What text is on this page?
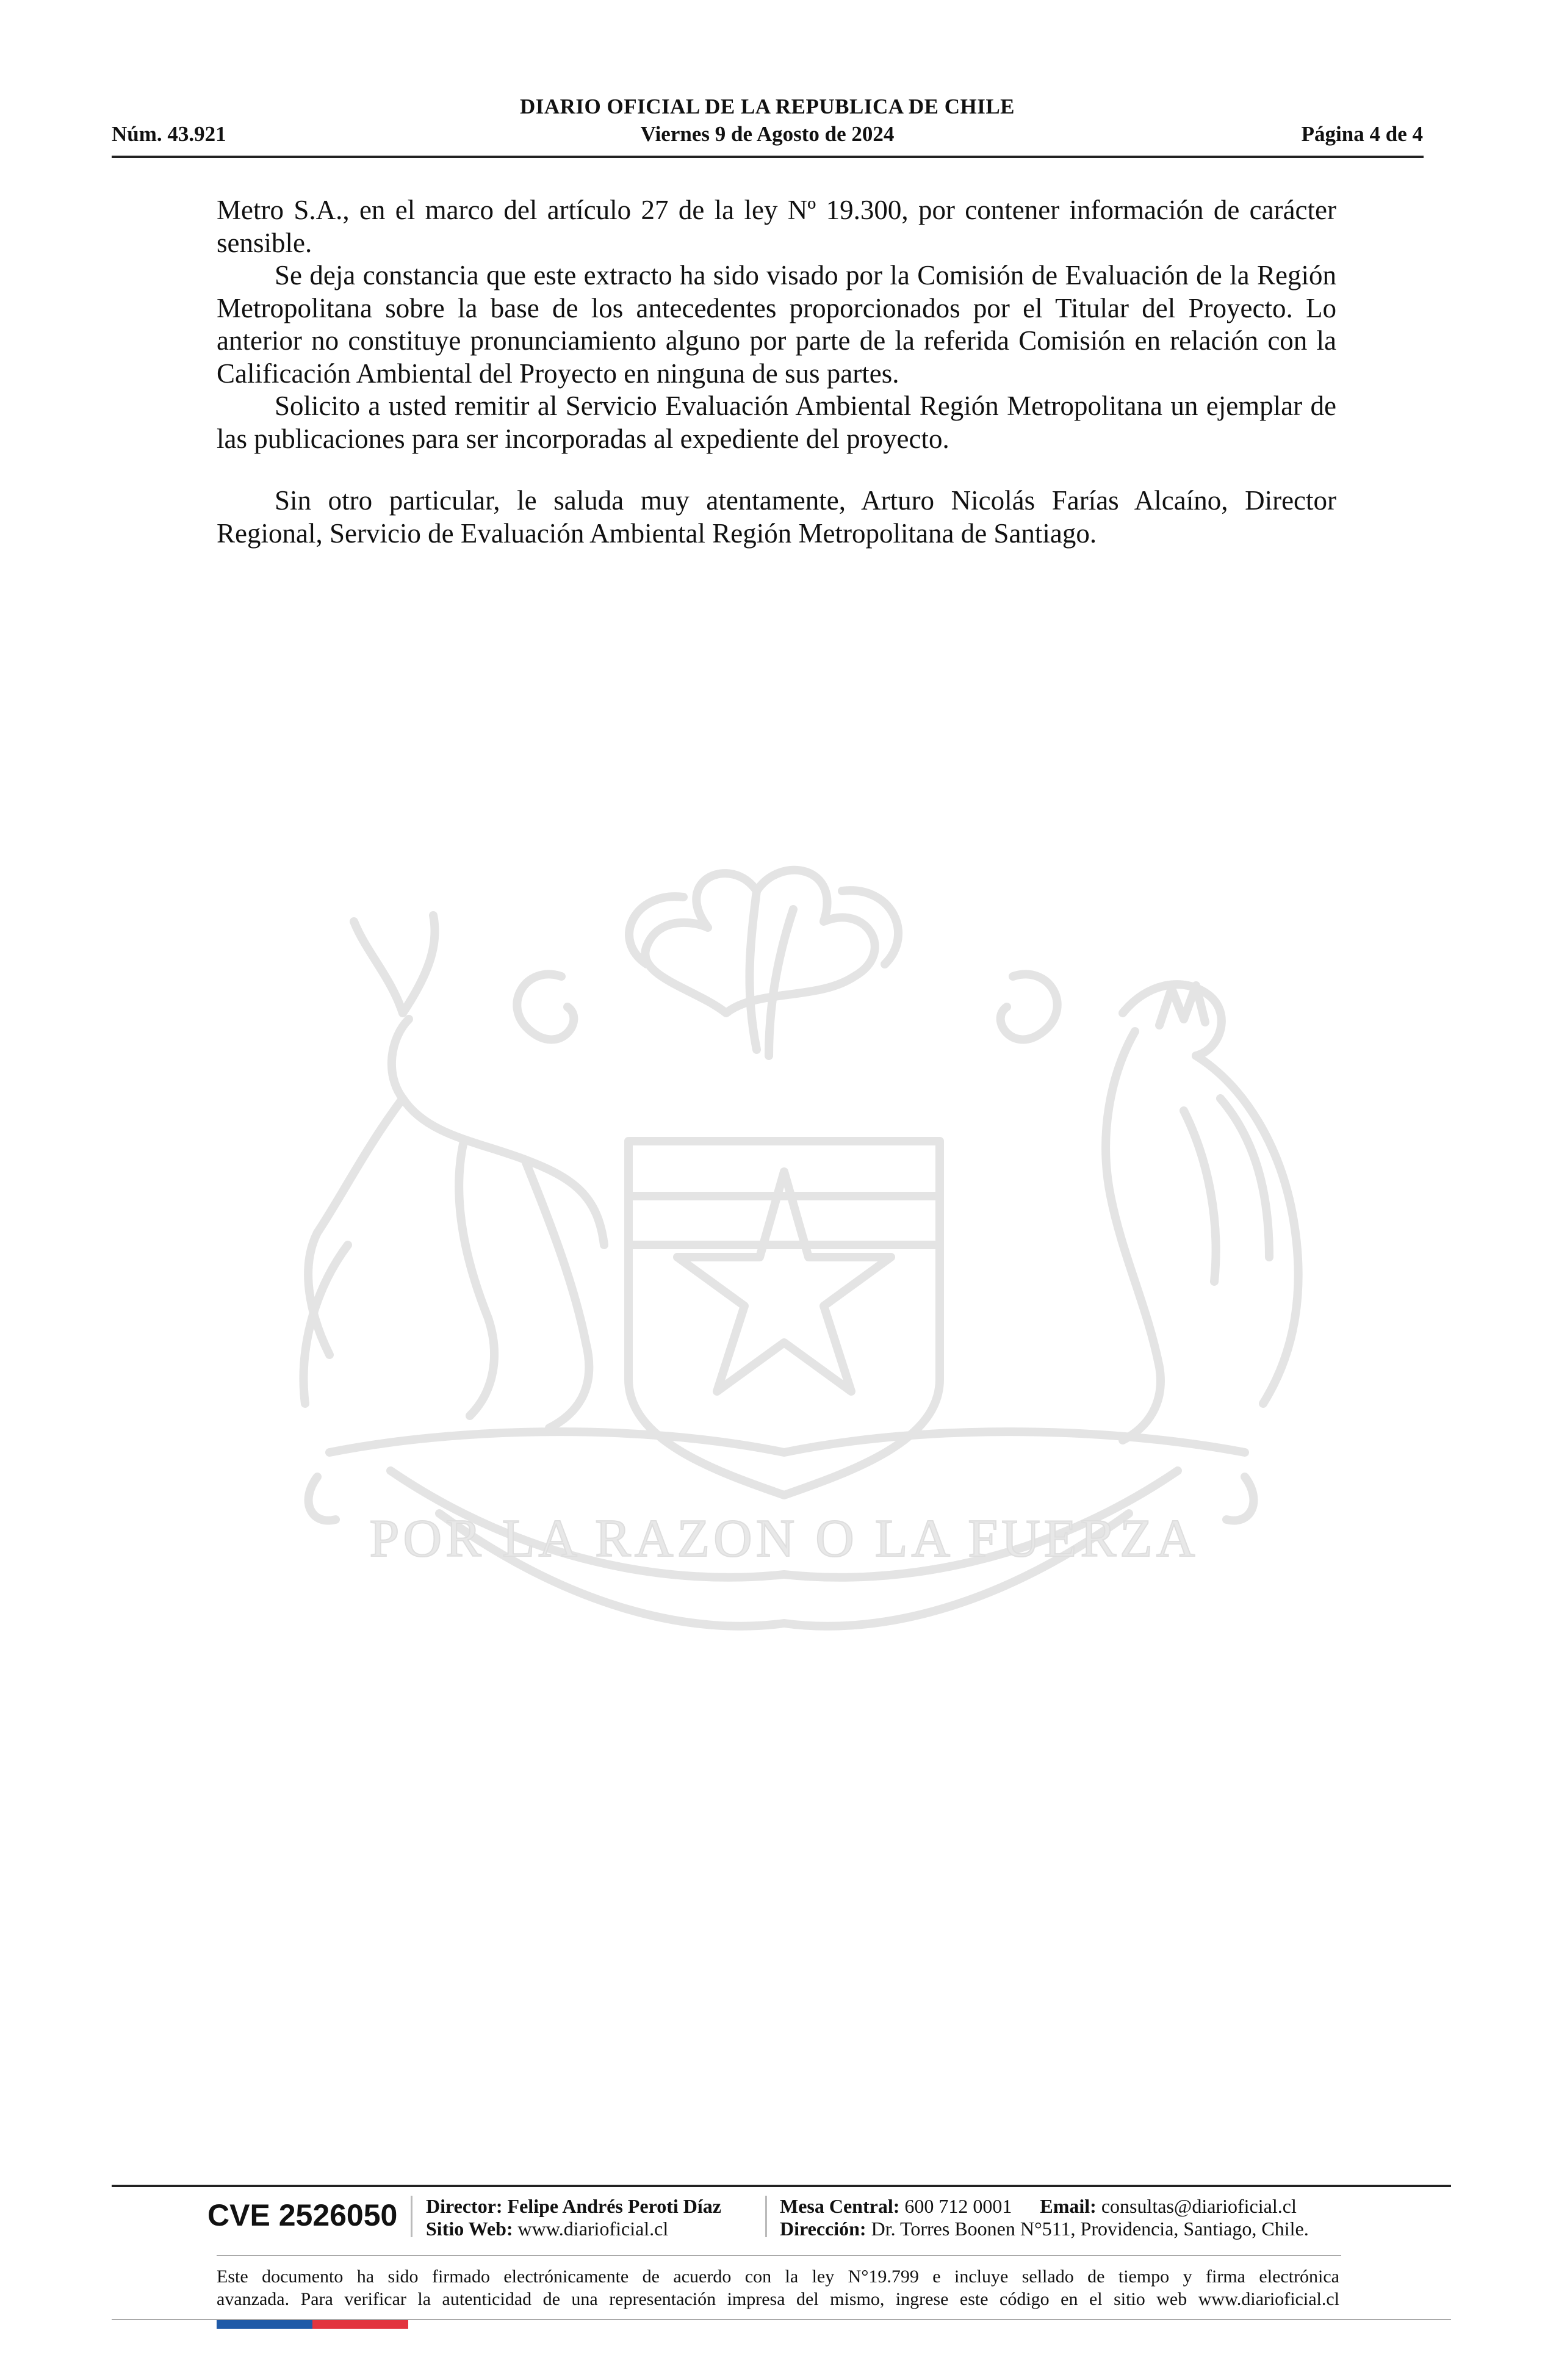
DIARIO OFICIAL DE LA REPUBLICA DE CHILE
Núm. 43.921	Viernes 9 de Agosto de 2024	Página 4 de 4

Metro S.A., en el marco del artículo 27 de la ley Nº 19.300, por contener información de carácter sensible.

Se deja constancia que este extracto ha sido visado por la Comisión de Evaluación de la Región Metropolitana sobre la base de los antecedentes proporcionados por el Titular del Proyecto. Lo anterior no constituye pronunciamiento alguno por parte de la referida Comisión en relación con la Calificación Ambiental del Proyecto en ninguna de sus partes.

Solicito a usted remitir al Servicio Evaluación Ambiental Región Metropolitana un ejemplar de las publicaciones para ser incorporadas al expediente del proyecto.

Sin otro particular, le saluda muy atentamente, Arturo Nicolás Farías Alcaíno, Director Regional, Servicio de Evaluación Ambiental Región Metropolitana de Santiago.

POR LA RAZON O LA FUERZA
CVE 2526050 Director: Felipe Andrés Peroti Díaz
Sitio Web: www.diarioficial.cl
Mesa Central: 600 712 0001 Email: consultas@diarioficial.cl
Dirección: Dr. Torres Boonen N°511, Providencia, Santiago, Chile.
Este documento ha sido firmado electrónicamente de acuerdo con la ley N°19.799 e incluye sellado de tiempo y firma electrónica
avanzada. Para verificar la autenticidad de una representación impresa del mismo, ingrese este código en el sitio web www.diarioficial.cl
